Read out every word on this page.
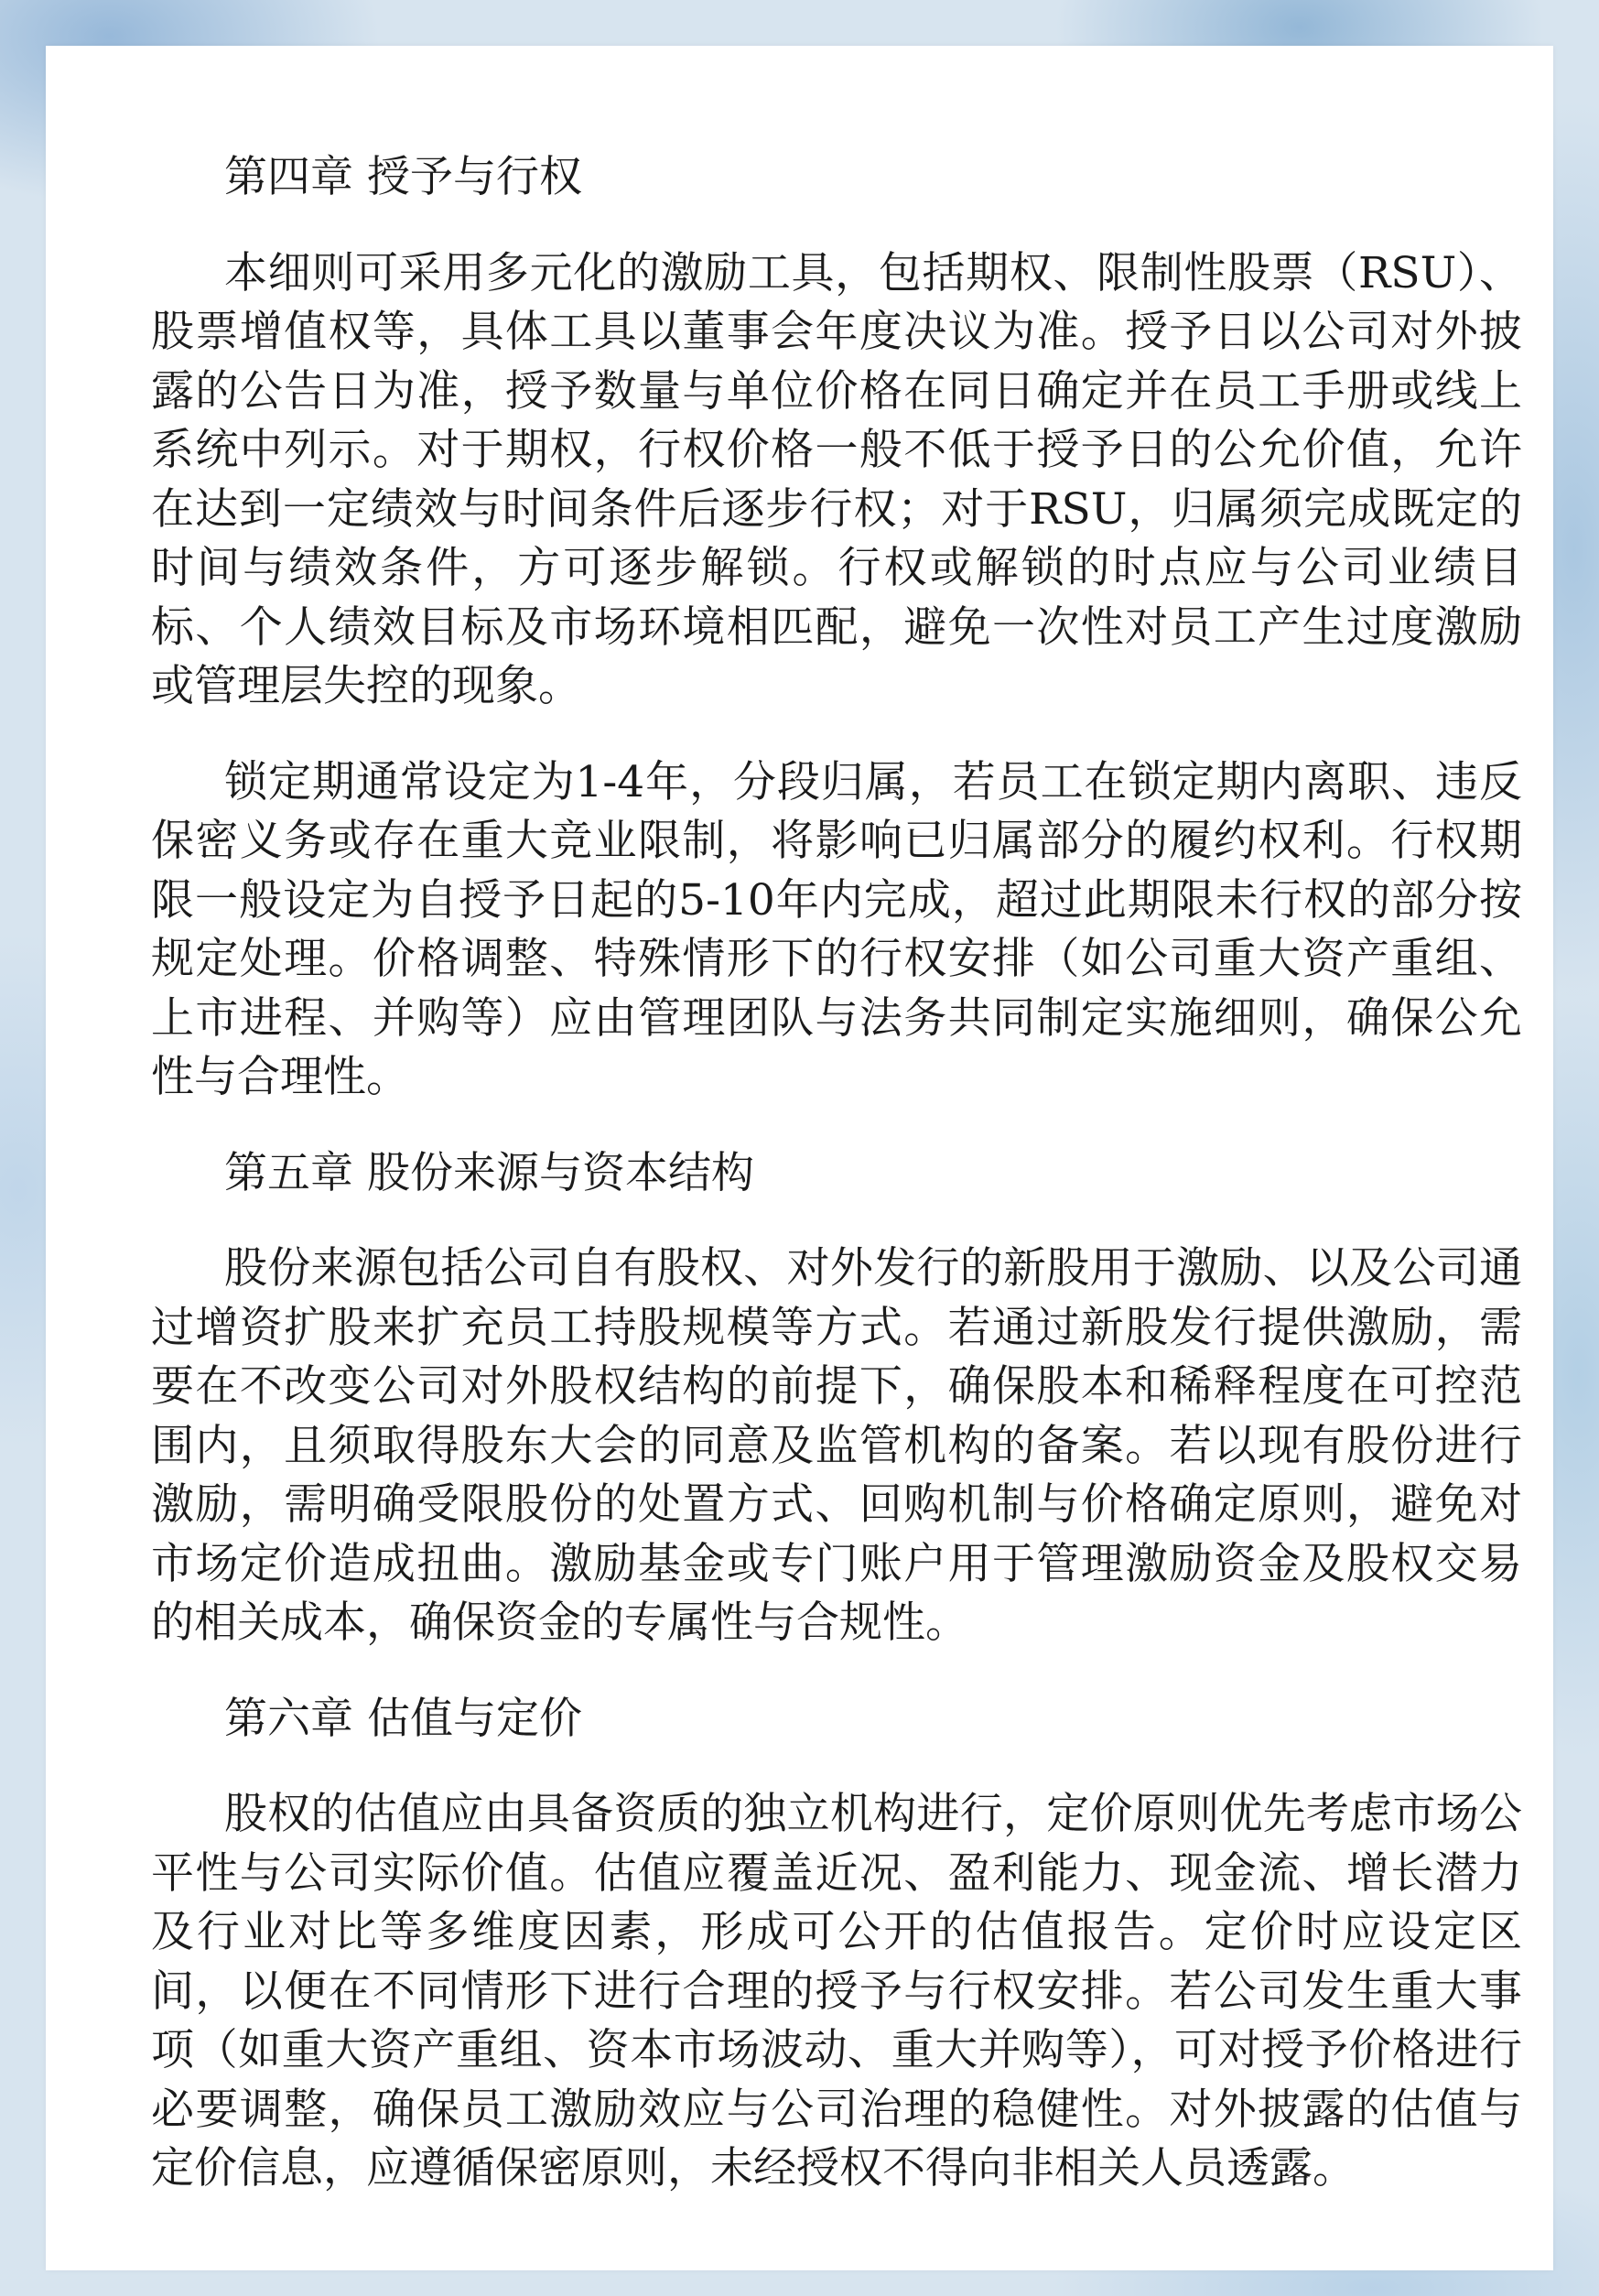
第四章 授予与行权

本细则可采用多元化的激励工具，包括期权、限制性股票（RSU）、股票增值权等，具体工具以董事会年度决议为准。授予日以公司对外披露的公告日为准，授予数量与单位价格在同日确定并在员工手册或线上系统中列示。对于期权，行权价格一般不低于授予日的公允价值，允许在达到一定绩效与时间条件后逐步行权；对于RSU，归属须完成既定的时间与绩效条件，方可逐步解锁。行权或解锁的时点应与公司业绩目标、个人绩效目标及市场环境相匹配，避免一次性对员工产生过度激励或管理层失控的现象。

锁定期通常设定为1-4年，分段归属，若员工在锁定期内离职、违反保密义务或存在重大竞业限制，将影响已归属部分的履约权利。行权期限一般设定为自授予日起的5-10年内完成，超过此期限未行权的部分按规定处理。价格调整、特殊情形下的行权安排（如公司重大资产重组、上市进程、并购等）应由管理团队与法务共同制定实施细则，确保公允性与合理性。

第五章 股份来源与资本结构

股份来源包括公司自有股权、对外发行的新股用于激励、以及公司通过增资扩股来扩充员工持股规模等方式。若通过新股发行提供激励，需要在不改变公司对外股权结构的前提下，确保股本和稀释程度在可控范围内，且须取得股东大会的同意及监管机构的备案。若以现有股份进行激励，需明确受限股份的处置方式、回购机制与价格确定原则，避免对市场定价造成扭曲。激励基金或专门账户用于管理激励资金及股权交易的相关成本，确保资金的专属性与合规性。

第六章 估值与定价

股权的估值应由具备资质的独立机构进行，定价原则优先考虑市场公平性与公司实际价值。估值应覆盖近况、盈利能力、现金流、增长潜力及行业对比等多维度因素，形成可公开的估值报告。定价时应设定区间，以便在不同情形下进行合理的授予与行权安排。若公司发生重大事项（如重大资产重组、资本市场波动、重大并购等），可对授予价格进行必要调整，确保员工激励效应与公司治理的稳健性。对外披露的估值与定价信息，应遵循保密原则，未经授权不得向非相关人员透露。
